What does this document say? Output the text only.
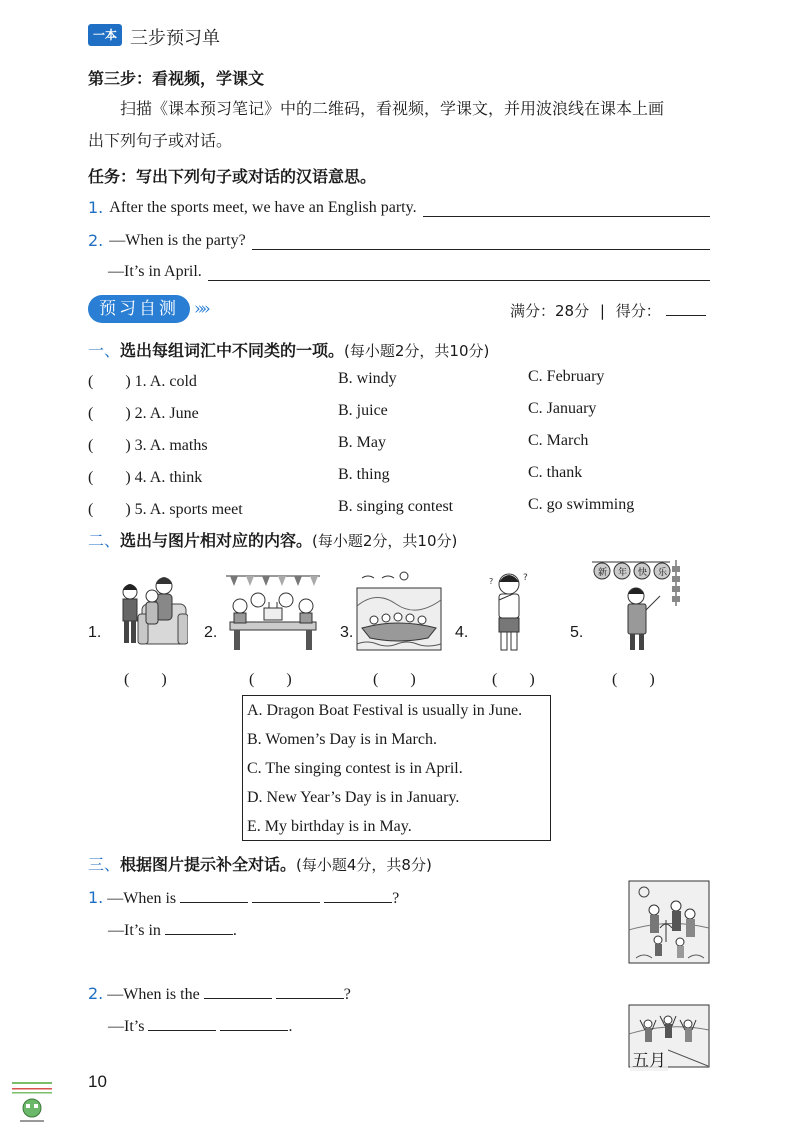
一本 三步预习单
第三步：看视频，学课文
扫描《课本预习笔记》中的二维码，看视频，学课文，并用波浪线在课本上画
出下列句子或对话。
任务：写出下列句子或对话的汉语意思。
1. After the sports meet, we have an English party.
2. —When is the party?
—It’s in April.
预习自测 »»	满分：28分 | 得分：
一、选出每组词汇中不同类的一项。(每小题2分，共10分)
(　　) 1. A. cold	B. windy	C. February
(　　) 2. A. June	B. juice	C. January
(　　) 3. A. maths	B. May	C. March
(　　) 4. A. think	B. thing	C. thank
(　　) 5. A. sports meet	B. singing contest	C. go swimming
二、选出与图片相对应的内容。(每小题2分，共10分)
1.	2.	3.	4.	5.
?
?
新 年 快 乐
(　　)	(　　)	(　　)	(　　)	(　　)
A. Dragon Boat Festival is usually in June.
B. Women’s Day is in March.
C. The singing contest is in April.
D. New Year’s Day is in January.
E. My birthday is in May.
三、根据图片提示补全对话。(每小题4分，共8分)
1. —When is	?
—It’s in	.
2. —When is the	?
—It’s	.
五月
10
